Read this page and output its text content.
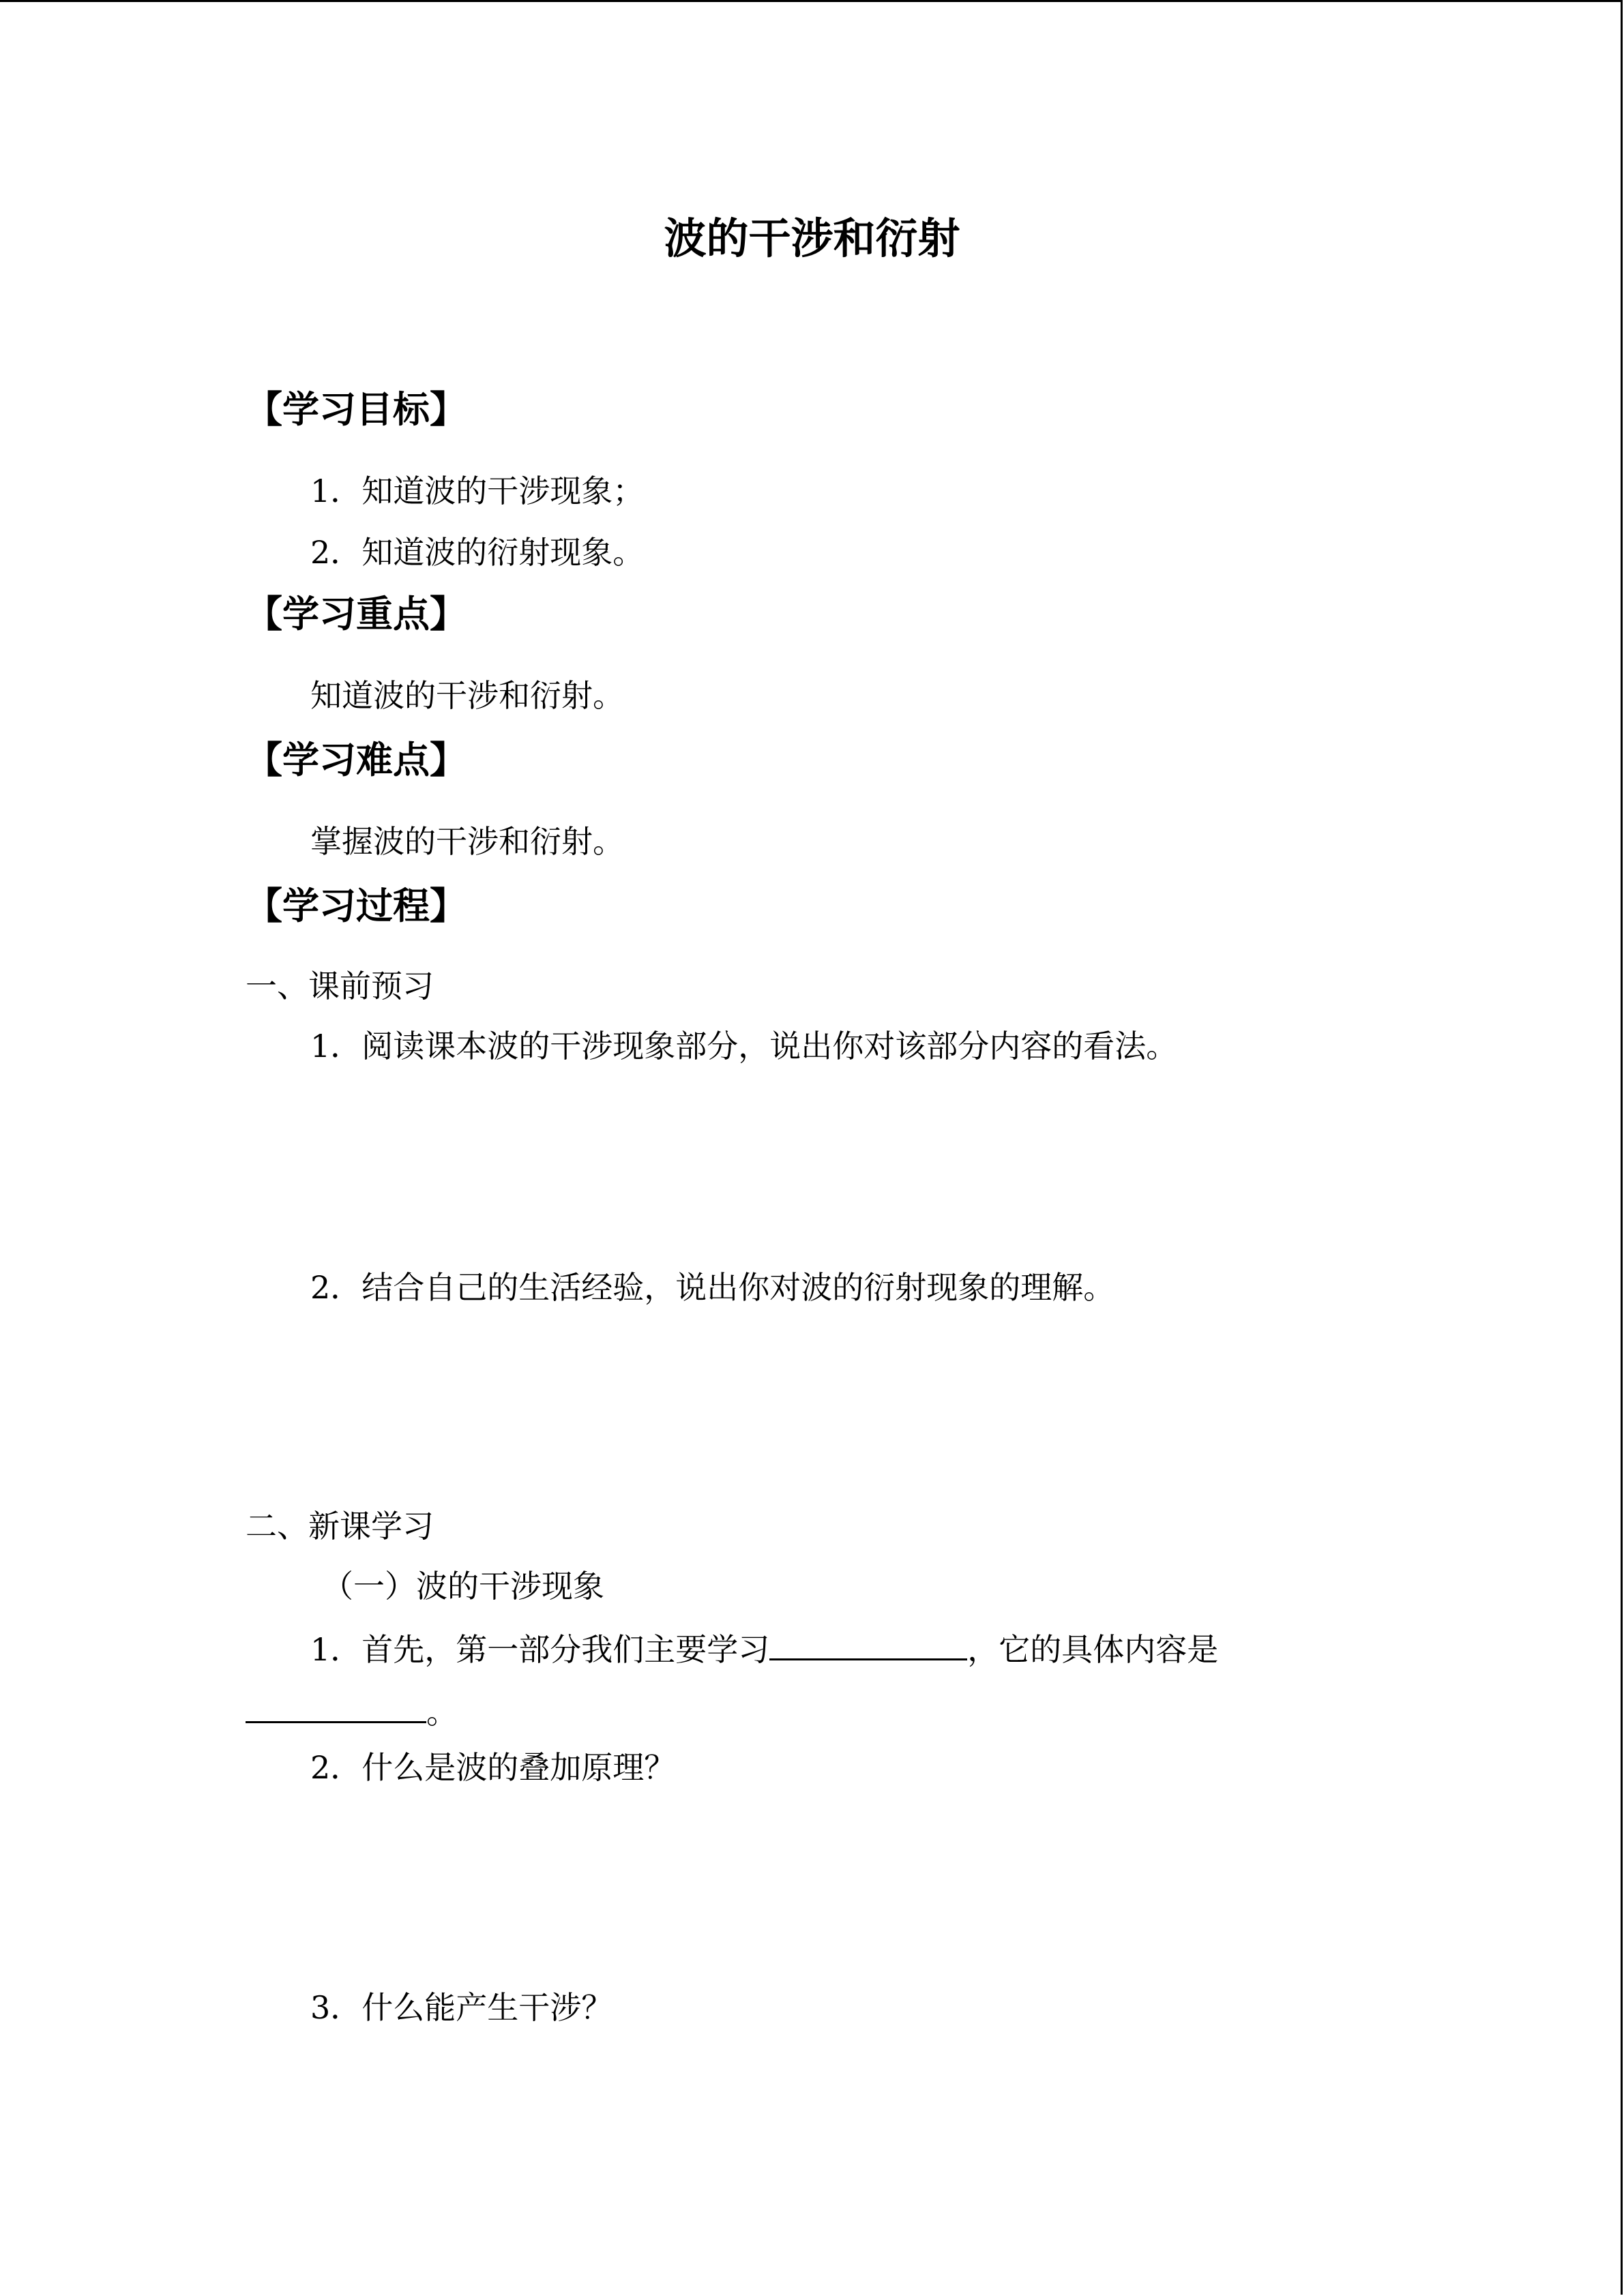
波的干涉和衍射
【学习目标】
1．知道波的干涉现象；
2．知道波的衍射现象。
【学习重点】
知道波的干涉和衍射。
【学习难点】
掌握波的干涉和衍射。
【学习过程】
一、课前预习
1．阅读课本波的干涉现象部分，说出你对该部分内容的看法。
2．结合自己的生活经验，说出你对波的衍射现象的理解。
二、新课学习
（一）波的干涉现象
1．首先，第一部分我们主要学习	，它的具体内容是
。
2．什么是波的叠加原理？
3．什么能产生干涉？
